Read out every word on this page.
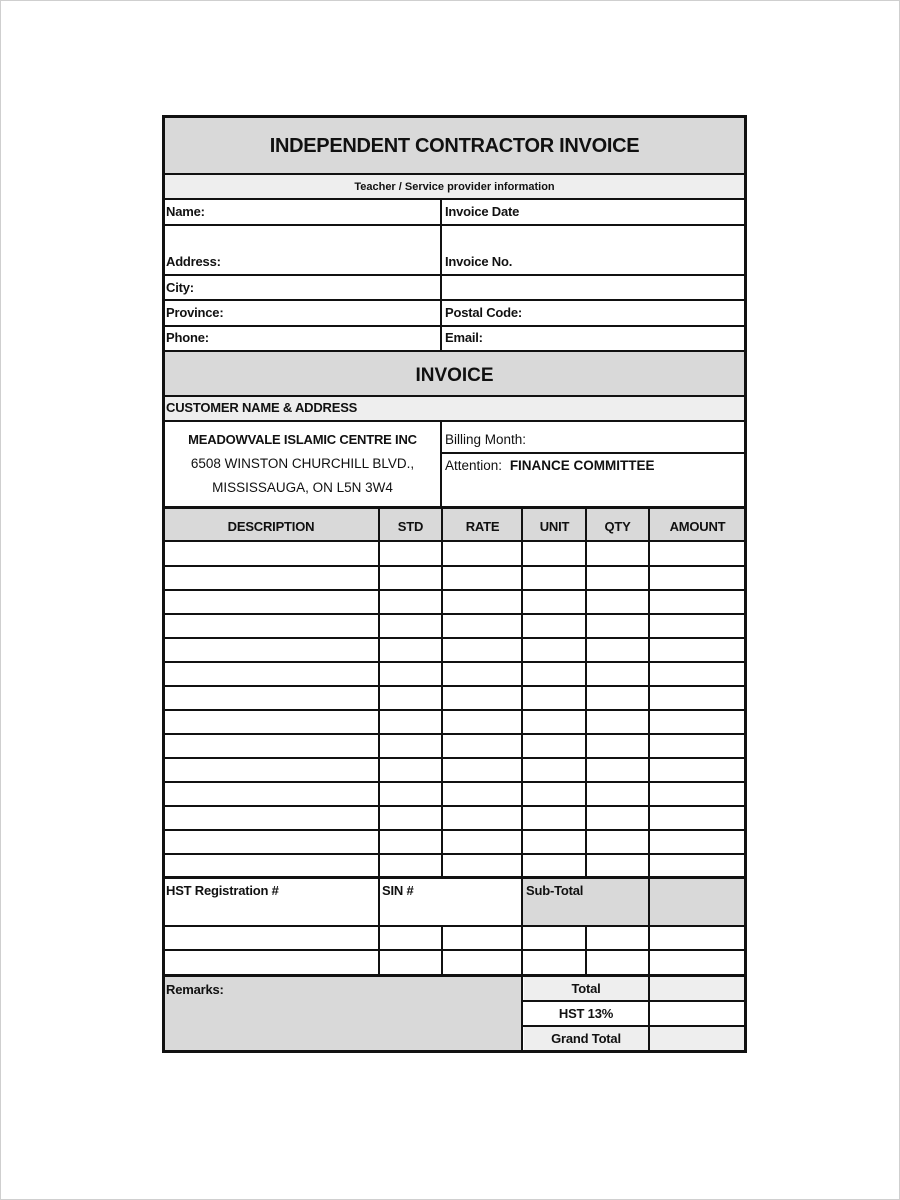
INDEPENDENT CONTRACTOR INVOICE
Teacher / Service provider information
Name:	Invoice Date
Address:	Invoice No.
City:
Province:	Postal Code:
Phone:	Email:
INVOICE
CUSTOMER NAME & ADDRESS
MEADOWVALE ISLAMIC CENTRE INC
6508 WINSTON CHURCHILL BLVD.,
MISSISSAUGA, ON L5N 3W4
Billing Month:
Attention: FINANCE COMMITTEE
DESCRIPTION	STD	RATE	UNIT	QTY	AMOUNT
HST Registration #	SIN #	Sub-Total
Remarks:	Total
HST 13%
Grand Total
